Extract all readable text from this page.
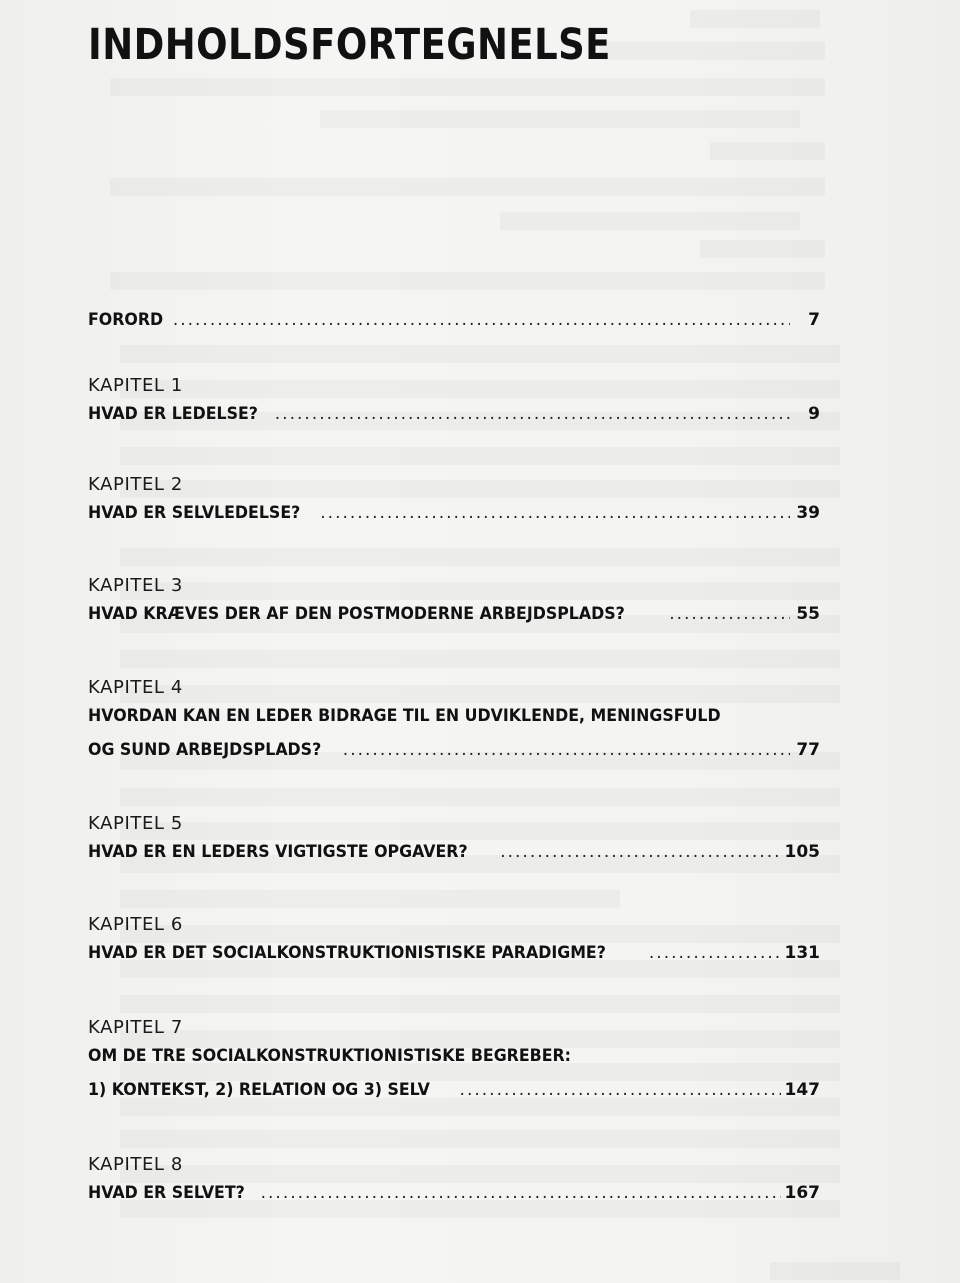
INDHOLDSFORTEGNELSE
FORORD .....	7
KAPITEL 1
HVAD ER LEDELSE? .....	9
KAPITEL 2
HVAD ER SELVLEDELSE? .....	39
KAPITEL 3
HVAD KRÆVES DER AF DEN POSTMODERNE ARBEJDSPLADS? .....	55
KAPITEL 4
HVORDAN KAN EN LEDER BIDRAGE TIL EN UDVIKLENDE, MENINGSFULD
OG SUND ARBEJDSPLADS? .....	77
KAPITEL 5
HVAD ER EN LEDERS VIGTIGSTE OPGAVER? .....	105
KAPITEL 6
HVAD ER DET SOCIALKONSTRUKTIONISTISKE PARADIGME? .....	131
KAPITEL 7
OM DE TRE SOCIALKONSTRUKTIONISTISKE BEGREBER:
1) KONTEKST, 2) RELATION OG 3) SELV .....	147
KAPITEL 8
HVAD ER SELVET? .....	167
